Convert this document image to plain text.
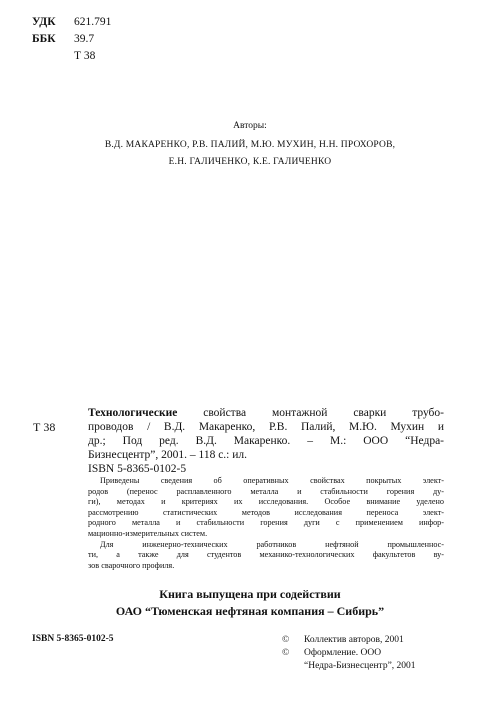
УДК 621.791
ББК 39.7
Т 38
Авторы:
В.Д. МАКАРЕНКО, Р.В. ПАЛИЙ, М.Ю. МУХИН, Н.Н. ПРОХОРОВ,
Е.Н. ГАЛИЧЕНКО, К.Е. ГАЛИЧЕНКО
Т 38
Технологические свойства монтажной сварки трубо-
проводов / В.Д. Макаренко, Р.В. Палий, М.Ю. Мухин и
др.; Под ред. В.Д. Макаренко. – М.: ООО “Недра-
Бизнесцентр”, 2001. – 118 с.: ил.
ISBN 5-8365-0102-5
Приведены сведения об оперативных свойствах покрытых элект-
родов (перенос расплавленного металла и стабильности горения ду-
ги), методах и критериях их исследования. Особое внимание уделено
рассмотрению статистических методов исследования переноса элект-
родного металла и стабильности горения дуги с применением инфор-
мационно-измерительных систем.
Для инженерно-технических работников нефтяной промышленнос-
ти, а также для студентов механико-технологических факультетов ву-
зов сварочного профиля.
Книга выпущена при содействии
ОАО “Тюменская нефтяная компания – Сибирь”
ISBN 5-8365-0102-5	© Коллектив авторов, 2001
© Оформление. ООО
“Недра-Бизнесцентр”, 2001
